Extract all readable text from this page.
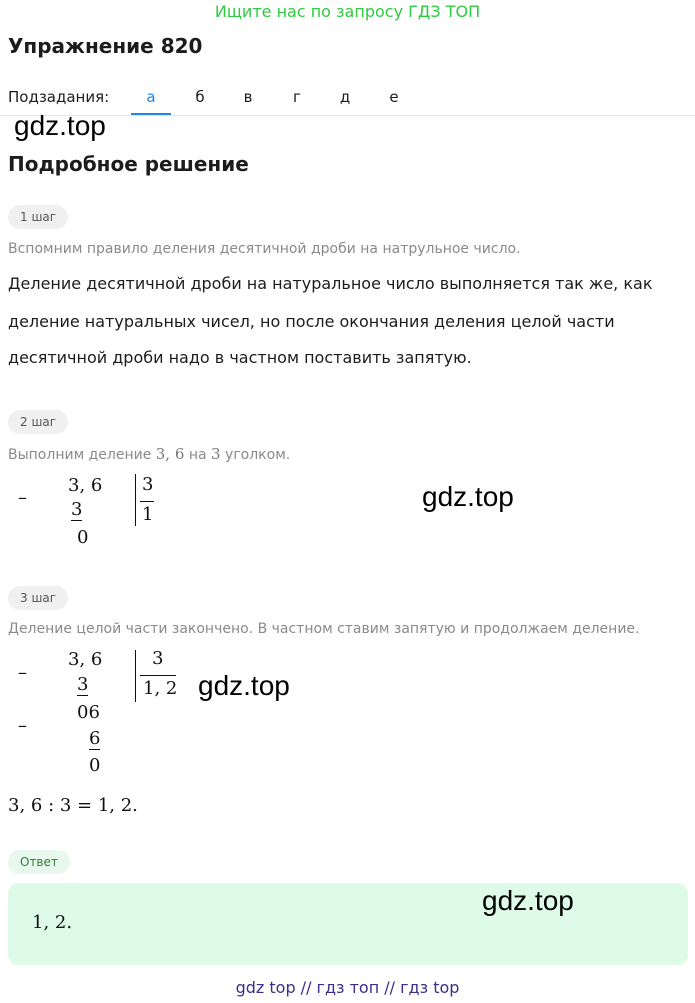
Ищите нас по запросу ГДЗ ТОП
Упражнение 820
Подзадания:	а	б	в	г	д	е
gdz.top
Подробное решение
1 шаг
Вспомним правило деления десятичной дроби на натрульное число.
Деление десятичной дроби на натуральное число выполняется так же, как
деление натуральных чисел, но после окончания деления целой части
десятичной дроби надо в частном поставить запятую.
2 шаг
Выполним деление 3, 6 на 3 уголком.
–
3, 6
3
0
3
1
gdz.top
3 шаг
Деление целой части закончено. В частном ставим запятую и продолжаем деление.
–
3, 6
3
–
06
6
0
3
1, 2 gdz.top
3, 6 : 3 = 1, 2.
Ответ
1, 2.
gdz.top
gdz top // гдз топ // гдз top
